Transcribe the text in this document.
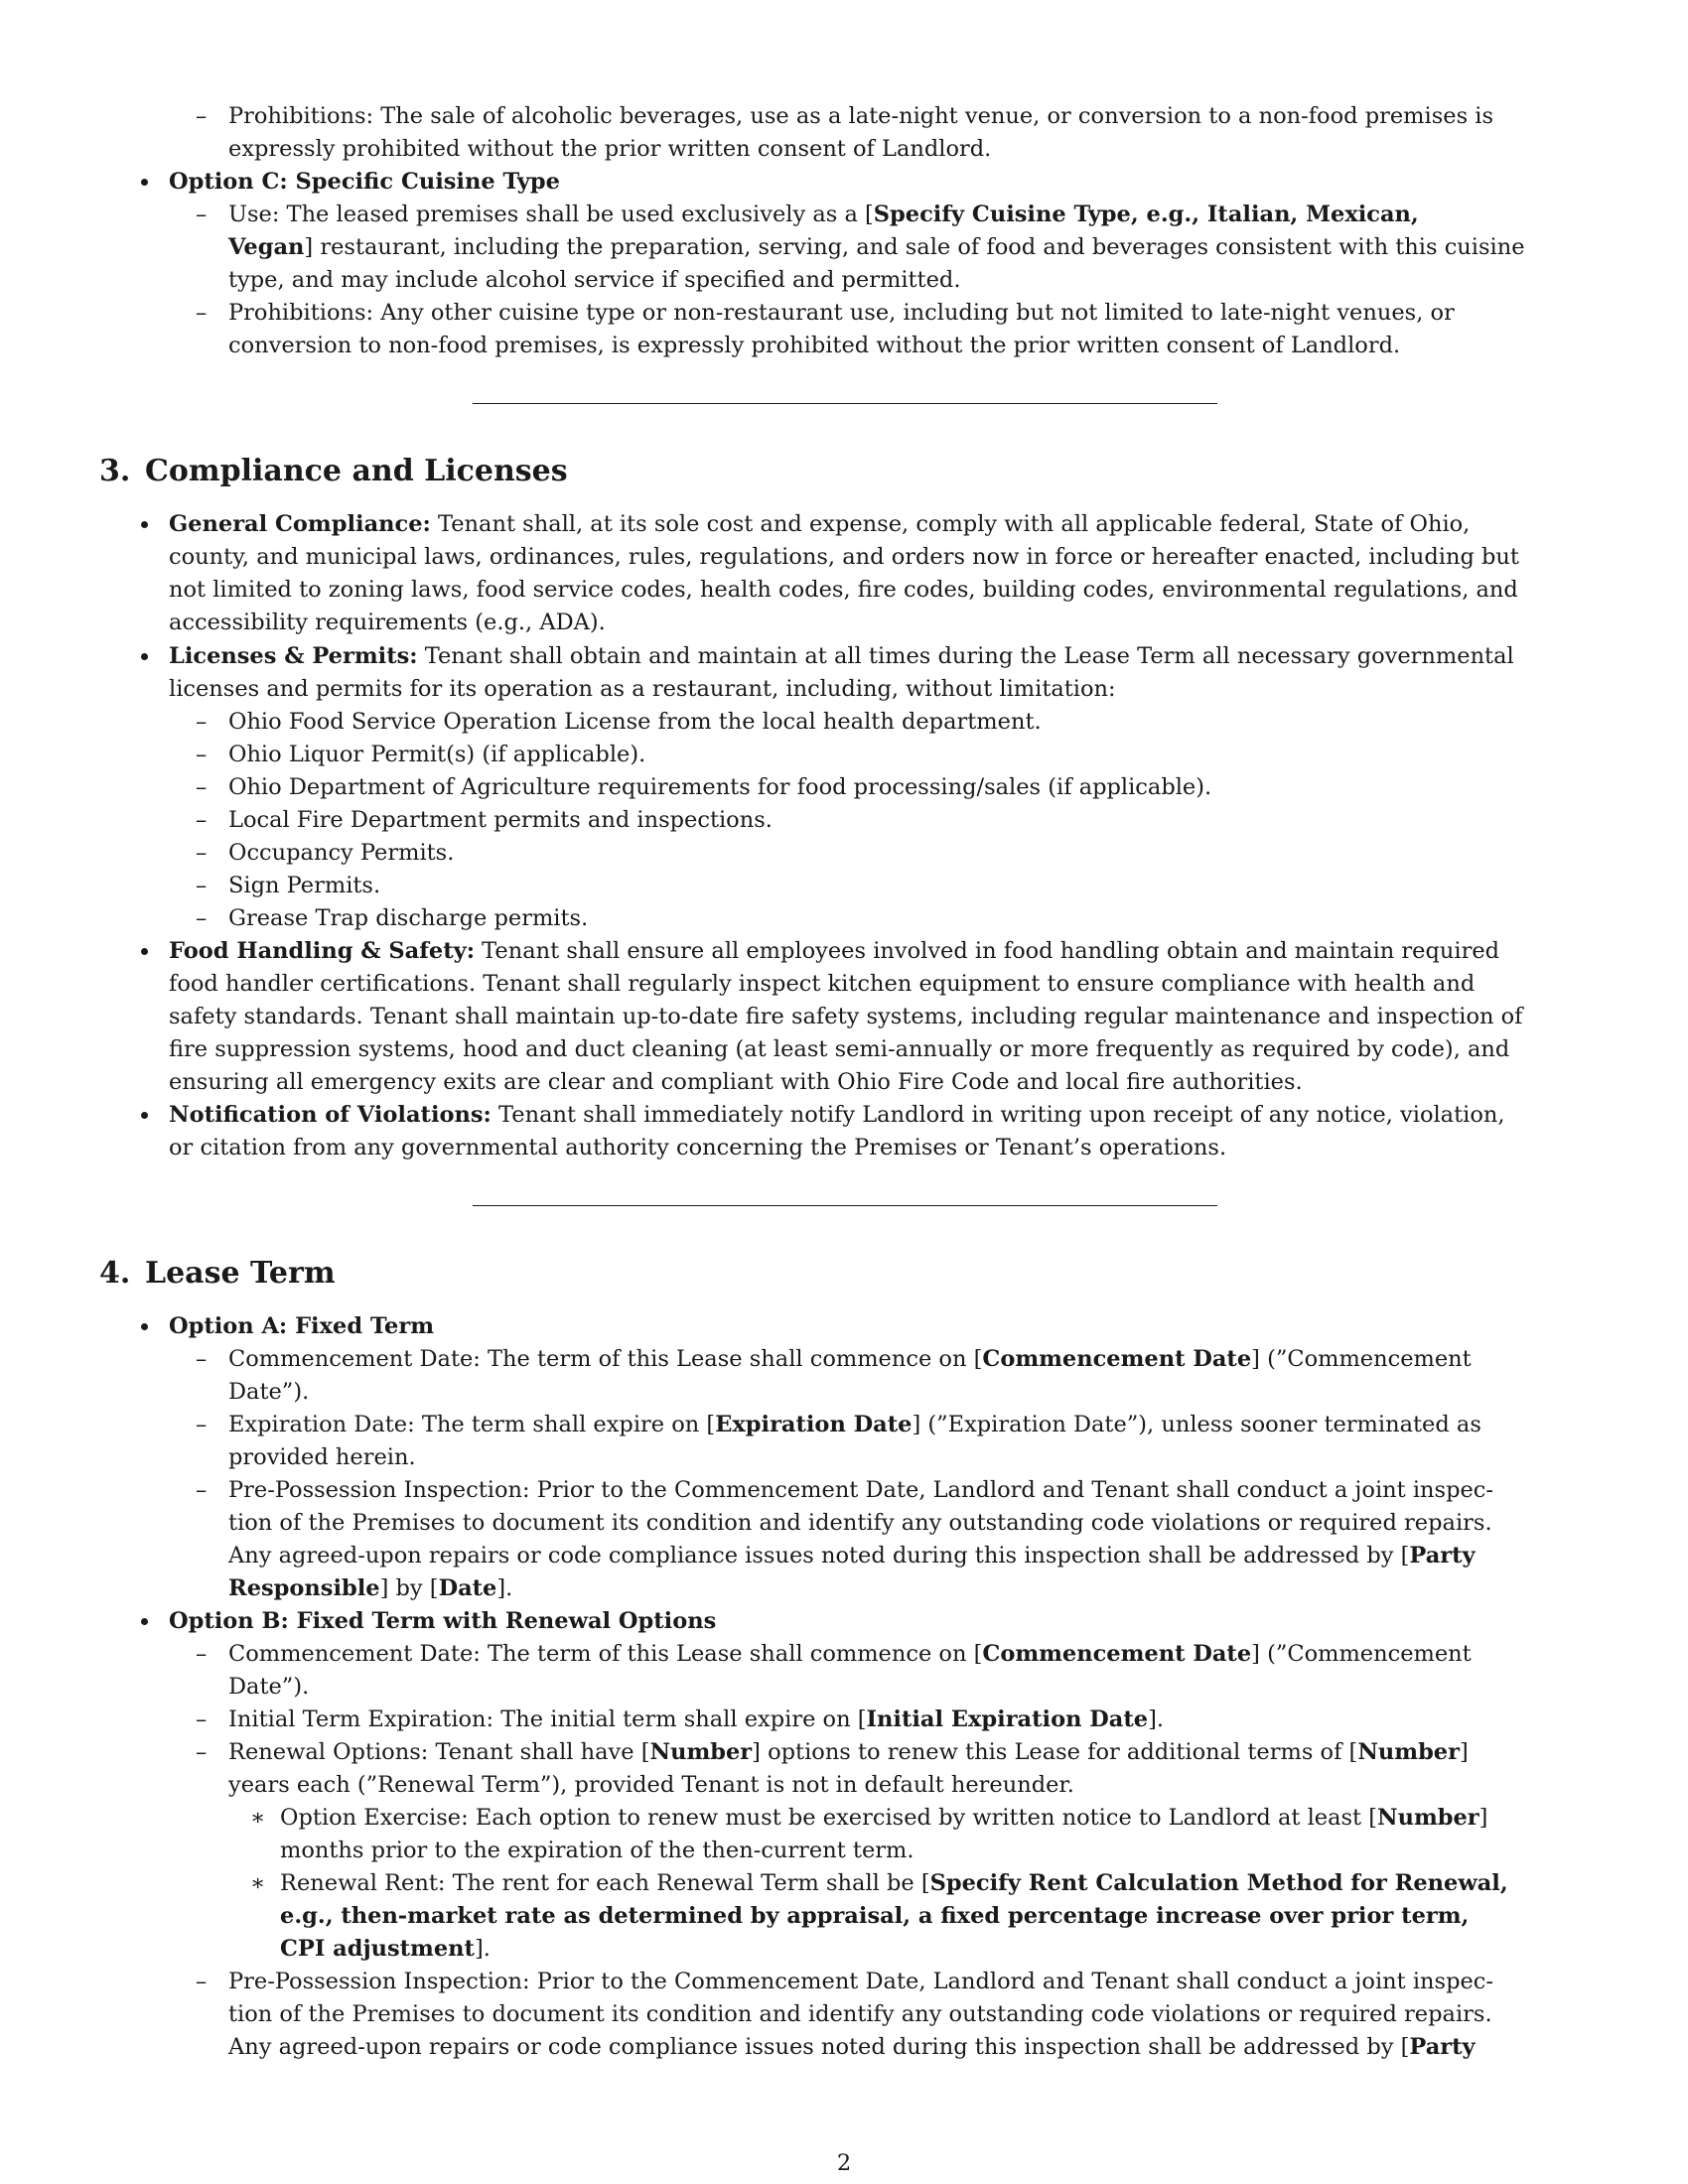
– Prohibitions: The sale of alcoholic beverages, use as a late-night venue, or conversion to a non-food premises is
expressly prohibited without the prior written consent of Landlord.
Option C: Specific Cuisine Type
– Use: The leased premises shall be used exclusively as a [Specify Cuisine Type, e.g., Italian, Mexican,
Vegan] restaurant, including the preparation, serving, and sale of food and beverages consistent with this cuisine
type, and may include alcohol service if specified and permitted.
– Prohibitions: Any other cuisine type or non-restaurant use, including but not limited to late-night venues, or
conversion to non-food premises, is expressly prohibited without the prior written consent of Landlord.
3. Compliance and Licenses
General Compliance: Tenant shall, at its sole cost and expense, comply with all applicable federal, State of Ohio,
county, and municipal laws, ordinances, rules, regulations, and orders now in force or hereafter enacted, including but
not limited to zoning laws, food service codes, health codes, fire codes, building codes, environmental regulations, and
accessibility requirements (e.g., ADA).
Licenses & Permits: Tenant shall obtain and maintain at all times during the Lease Term all necessary governmental
licenses and permits for its operation as a restaurant, including, without limitation:
– Ohio Food Service Operation License from the local health department.
– Ohio Liquor Permit(s) (if applicable).
– Ohio Department of Agriculture requirements for food processing/sales (if applicable).
– Local Fire Department permits and inspections.
– Occupancy Permits.
– Sign Permits.
– Grease Trap discharge permits.
Food Handling & Safety: Tenant shall ensure all employees involved in food handling obtain and maintain required
food handler certifications. Tenant shall regularly inspect kitchen equipment to ensure compliance with health and
safety standards. Tenant shall maintain up-to-date fire safety systems, including regular maintenance and inspection of
fire suppression systems, hood and duct cleaning (at least semi-annually or more frequently as required by code), and
ensuring all emergency exits are clear and compliant with Ohio Fire Code and local fire authorities.
Notification of Violations: Tenant shall immediately notify Landlord in writing upon receipt of any notice, violation,
or citation from any governmental authority concerning the Premises or Tenant’s operations.
4. Lease Term
Option A: Fixed Term
– Commencement Date: The term of this Lease shall commence on [Commencement Date] (”Commencement
Date”).
– Expiration Date: The term shall expire on [Expiration Date] (”Expiration Date”), unless sooner terminated as
provided herein.
– Pre-Possession Inspection: Prior to the Commencement Date, Landlord and Tenant shall conduct a joint inspec-
tion of the Premises to document its condition and identify any outstanding code violations or required repairs.
Any agreed-upon repairs or code compliance issues noted during this inspection shall be addressed by [Party
Responsible] by [Date].
Option B: Fixed Term with Renewal Options
– Commencement Date: The term of this Lease shall commence on [Commencement Date] (”Commencement
Date”).
– Initial Term Expiration: The initial term shall expire on [Initial Expiration Date].
– Renewal Options: Tenant shall have [Number] options to renew this Lease for additional terms of [Number]
years each (”Renewal Term”), provided Tenant is not in default hereunder.
∗ Option Exercise: Each option to renew must be exercised by written notice to Landlord at least [Number]
months prior to the expiration of the then-current term.
∗ Renewal Rent: The rent for each Renewal Term shall be [Specify Rent Calculation Method for Renewal,
e.g., then-market rate as determined by appraisal, a fixed percentage increase over prior term,
CPI adjustment].
– Pre-Possession Inspection: Prior to the Commencement Date, Landlord and Tenant shall conduct a joint inspec-
tion of the Premises to document its condition and identify any outstanding code violations or required repairs.
Any agreed-upon repairs or code compliance issues noted during this inspection shall be addressed by [Party
2
